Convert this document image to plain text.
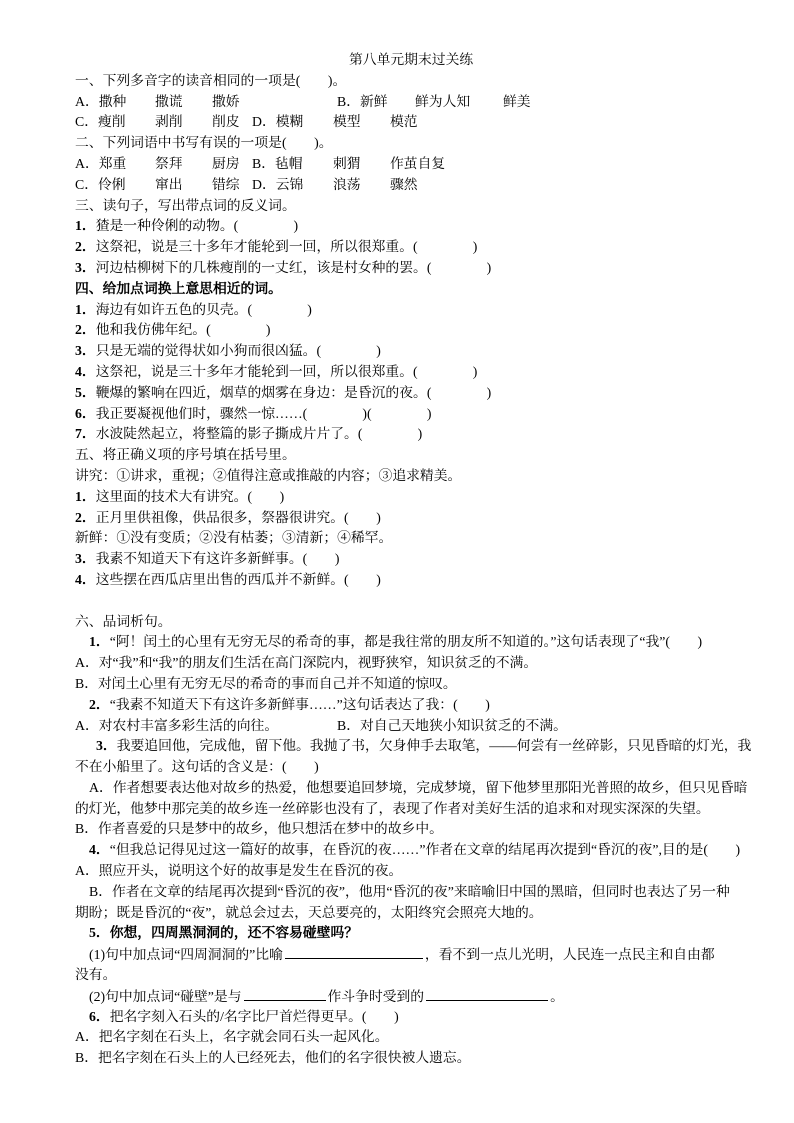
第八单元期末过关练
一、下列多音字的读音相同的一项是(　　)。
A．撒种 撒谎 撒娇	B．新鲜 鲜为人知 鲜美
C．瘦削 剥削 削皮 D．模糊 模型 模范
二、下列词语中书写有误的一项是(　　)。
A．郑重 祭拜 厨房 B．毡帽 刺猬 作茧自复
C．伶俐 窜出 错综 D．云锦 浪荡 骤然
三、读句子，写出带点词的反义词。
1．猹是一种伶俐的动物。(　　　　)
2．这祭祀，说是三十多年才能轮到一回，所以很郑重。(　　　　)
3．河边枯柳树下的几株瘦削的一丈红，该是村女种的罢。(　　　　)
四、给加点词换上意思相近的词。
1．海边有如许五色的贝壳。(　　　　)
2．他和我仿佛年纪。(　　　　)
3．只是无端的觉得状如小狗而很凶猛。(　　　　)
4．这祭祀，说是三十多年才能轮到一回，所以很郑重。(　　　　)
5．鞭爆的繁响在四近，烟草的烟雾在身边：是昏沉的夜。(　　　　)
6．我正要凝视他们时，骤然一惊……(　　　　)(　　　　)
7．水波陡然起立，将整篇的影子撕成片片了。(　　　　)
五、将正确义项的序号填在括号里。
讲究：①讲求，重视；②值得注意或推敲的内容；③追求精美。
1．这里面的技术大有讲究。(　　)
2．正月里供祖像，供品很多，祭器很讲究。(　　)
新鲜：①没有变质；②没有枯萎；③清新；④稀罕。
3．我素不知道天下有这许多新鲜事。(　　)
4．这些摆在西瓜店里出售的西瓜并不新鲜。(　　)
六、品词析句。
1．“阿！闰土的心里有无穷无尽的希奇的事，都是我往常的朋友所不知道的。”这句话表现了“我”(　　)
A．对“我”和“我”的朋友们生活在高门深院内，视野狭窄，知识贫乏的不满。
B．对闰土心里有无穷无尽的希奇的事而自己并不知道的惊叹。
2．“我素不知道天下有这许多新鲜事……”这句话表达了我：(　　)
A．对农村丰富多彩生活的向往。	B．对自己天地狭小知识贫乏的不满。
3．我要追回他，完成他，留下他。我抛了书，欠身伸手去取笔，——何尝有一丝碎影，只见昏暗的灯光，我
不在小船里了。这句话的含义是：(　　)
A．作者想要表达他对故乡的热爱，他想要追回梦境，完成梦境，留下他梦里那阳光普照的故乡，但只见昏暗
的灯光，他梦中那完美的故乡连一丝碎影也没有了，表现了作者对美好生活的追求和对现实深深的失望。
B．作者喜爱的只是梦中的故乡，他只想活在梦中的故乡中。
4．“但我总记得见过这一篇好的故事，在昏沉的夜……”作者在文章的结尾再次提到“昏沉的夜”,目的是(　　)
A．照应开头，说明这个好的故事是发生在昏沉的夜。
B．作者在文章的结尾再次提到“昏沉的夜”，他用“昏沉的夜”来暗喻旧中国的黑暗，但同时也表达了另一种
期盼；既是昏沉的“夜”，就总会过去，天总要亮的，太阳终究会照亮大地的。
5．你想，四周黑洞洞的，还不容易碰壁吗？
(1)句中加点词“四周洞洞的”比喻	，看不到一点儿光明，人民连一点民主和自由都
没有。
(2)句中加点词“碰壁”是与	作斗争时受到的	。
6．把名字刻入石头的/名字比尸首烂得更早。(　　)
A．把名字刻在石头上，名字就会同石头一起风化。
B．把名字刻在石头上的人已经死去，他们的名字很快被人遗忘。
